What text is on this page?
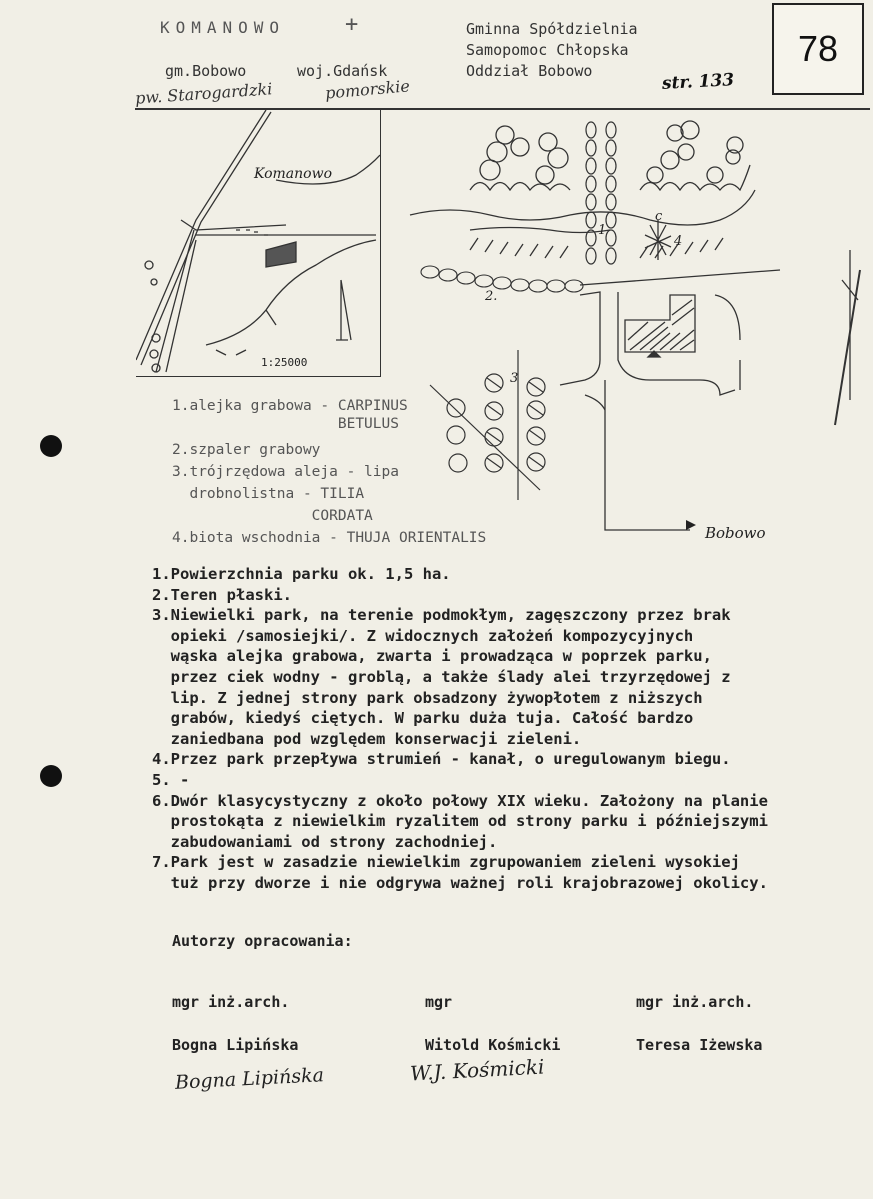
KOMANOWO	+
gm.Bobowo	woj.Gdańsk
pw. Starogardzki	pomorskie
Gminna Spółdzielnia
Samopomoc Chłopska
Oddział Bobowo	str. 133
78
1
2.
3
4
c
Bobowo
Komanowo
1:25000
1.alejka grabowa - CARPINUS
BETULUS
2.szpaler grabowy
3.trójrzędowa aleja - lipa
drobnolistna - TILIA
CORDATA
4.biota wschodnia - THUJA ORIENTALIS
1.Powierzchnia parku ok. 1,5 ha.
2.Teren płaski.
3.Niewielki park, na terenie podmokłym, zagęszczony przez brak
opieki /samosiejki/. Z widocznych założeń kompozycyjnych
wąska alejka grabowa, zwarta i prowadząca w poprzek parku,
przez ciek wodny - groblą, a także ślady alei trzyrzędowej z
lip. Z jednej strony park obsadzony żywopłotem z niższych
grabów, kiedyś ciętych. W parku duża tuja. Całość bardzo
zaniedbana pod względem konserwacji zieleni.
4.Przez park przepływa strumień - kanał, o uregulowanym biegu.
5. -
6.Dwór klasycystyczny z około połowy XIX wieku. Założony na planie
prostokąta z niewielkim ryzalitem od strony parku i późniejszymi
zabudowaniami od strony zachodniej.
7.Park jest w zasadzie niewielkim zgrupowaniem zieleni wysokiej
tuż przy dworze i nie odgrywa ważnej roli krajobrazowej okolicy.
Autorzy opracowania:
mgr inż.arch.	mgr	mgr inż.arch.
Bogna Lipińska	Witold Kośmicki	Teresa Iżewska
Bogna Lipińska	W.J. Kośmicki
